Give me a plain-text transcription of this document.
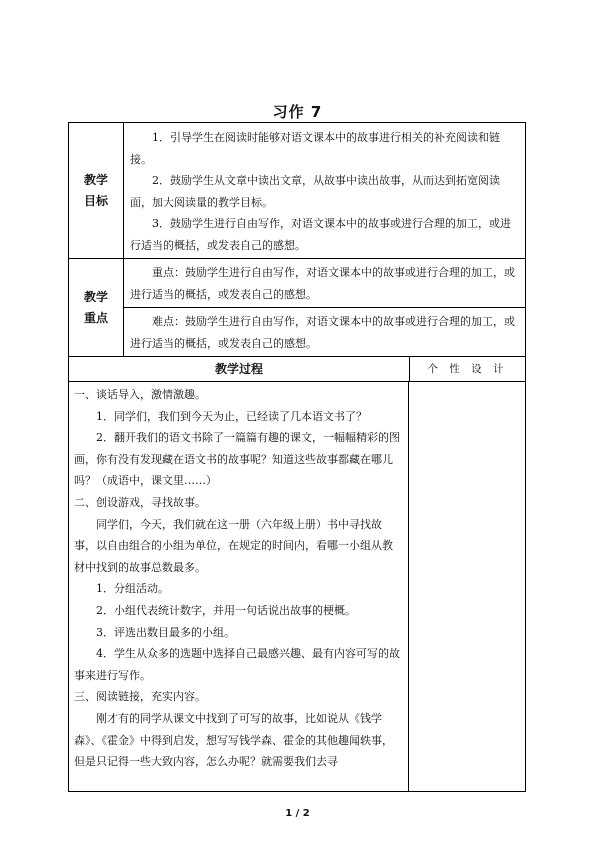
习作 7
教学
目标

1．引导学生在阅读时能够对语文课本中的故事进行相关的补充阅读和链接。

2．鼓励学生从文章中读出文章，从故事中读出故事，从而达到拓宽阅读面，加大阅读量的教学目标。

3．鼓励学生进行自由写作，对语文课本中的故事或进行合理的加工，或进行适当的概括，或发表自己的感想。

教学
重点

重点：鼓励学生进行自由写作，对语文课本中的故事或进行合理的加工，或进行适当的概括，或发表自己的感想。

难点：鼓励学生进行自由写作，对语文课本中的故事或进行合理的加工，或进行适当的概括，或发表自己的感想。

教学过程	个 性 设 计

一、谈话导入，激情激趣。

1．同学们，我们到今天为止，已经读了几本语文书了？

2．翻开我们的语文书除了一篇篇有趣的课文，一幅幅精彩的图画，你有没有发现藏在语文书的故事呢？知道这些故事都藏在哪儿吗？（成语中，课文里……）

二、创设游戏，寻找故事。

同学们，今天，我们就在这一册（六年级上册）书中寻找故事，以自由组合的小组为单位，在规定的时间内，看哪一小组从教材中找到的故事总数最多。

1．分组活动。

2．小组代表统计数字，并用一句话说出故事的梗概。

3．评选出数目最多的小组。

4．学生从众多的选题中选择自己最感兴趣、最有内容可写的故事来进行写作。

三、阅读链接，充实内容。

刚才有的同学从课文中找到了可写的故事，比如说从《钱学森》、《霍金》中得到启发，想写写钱学森、霍金的其他趣闻轶事，但是只记得一些大致内容，怎么办呢？就需要我们去寻

1 / 2
